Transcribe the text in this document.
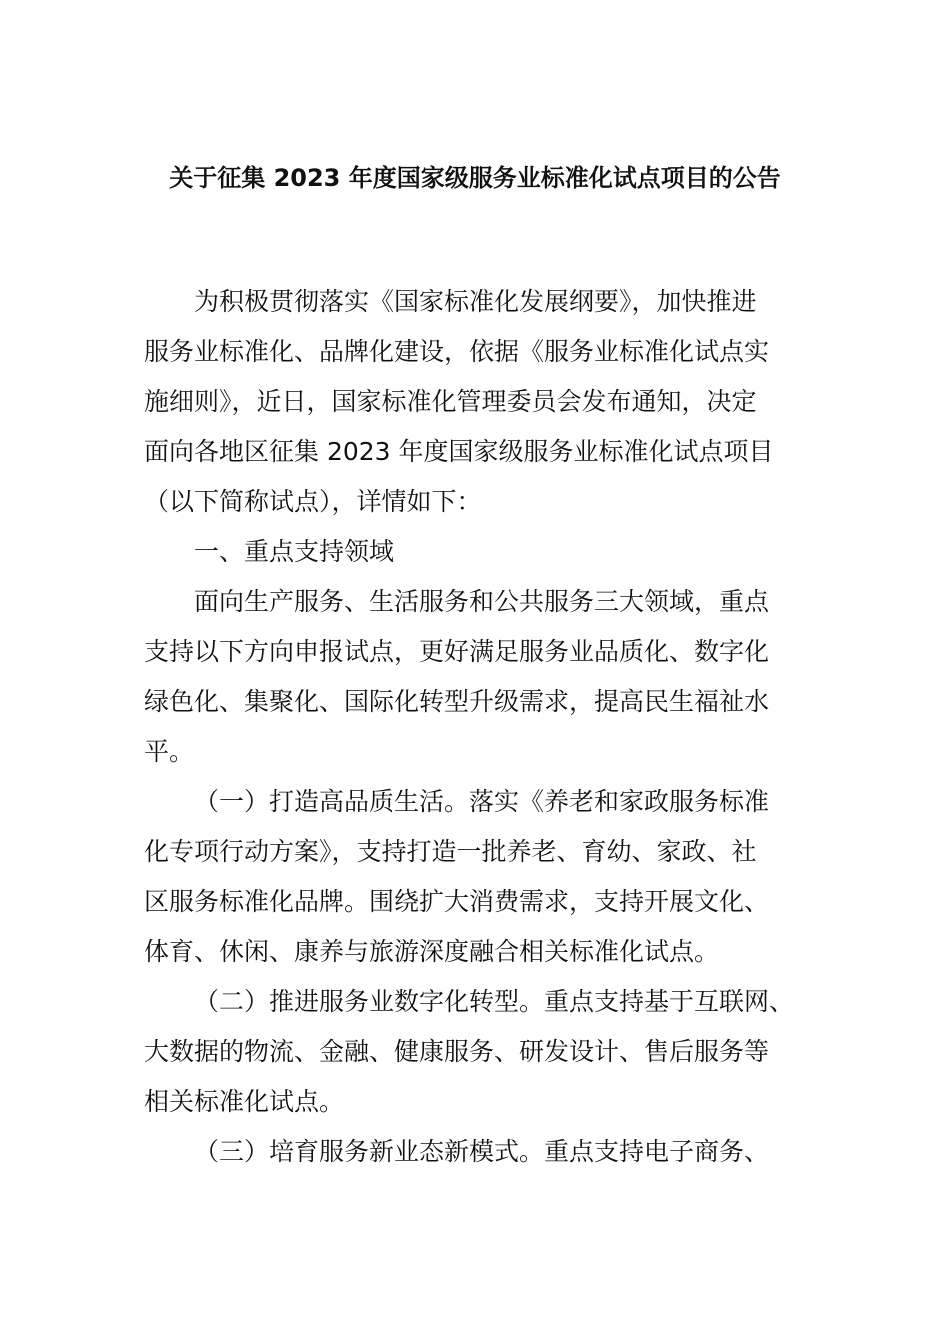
关于征集 2023 年度国家级服务业标准化试点项目的公告
为积极贯彻落实《国家标准化发展纲要》，加快推进
服务业标准化、品牌化建设，依据《服务业标准化试点实
施细则》，近日，国家标准化管理委员会发布通知，决定
面向各地区征集 2023 年度国家级服务业标准化试点项目
（以下简称试点），详情如下：
一、重点支持领域
面向生产服务、生活服务和公共服务三大领域，重点
支持以下方向申报试点，更好满足服务业品质化、数字化
绿色化、集聚化、国际化转型升级需求，提高民生福祉水
平。
（一）打造高品质生活。落实《养老和家政服务标准
化专项行动方案》，支持打造一批养老、育幼、家政、社
区服务标准化品牌。围绕扩大消费需求，支持开展文化、
体育、休闲、康养与旅游深度融合相关标准化试点。
（二）推进服务业数字化转型。重点支持基于互联网、
大数据的物流、金融、健康服务、研发设计、售后服务等
相关标准化试点。
（三）培育服务新业态新模式。重点支持电子商务、
